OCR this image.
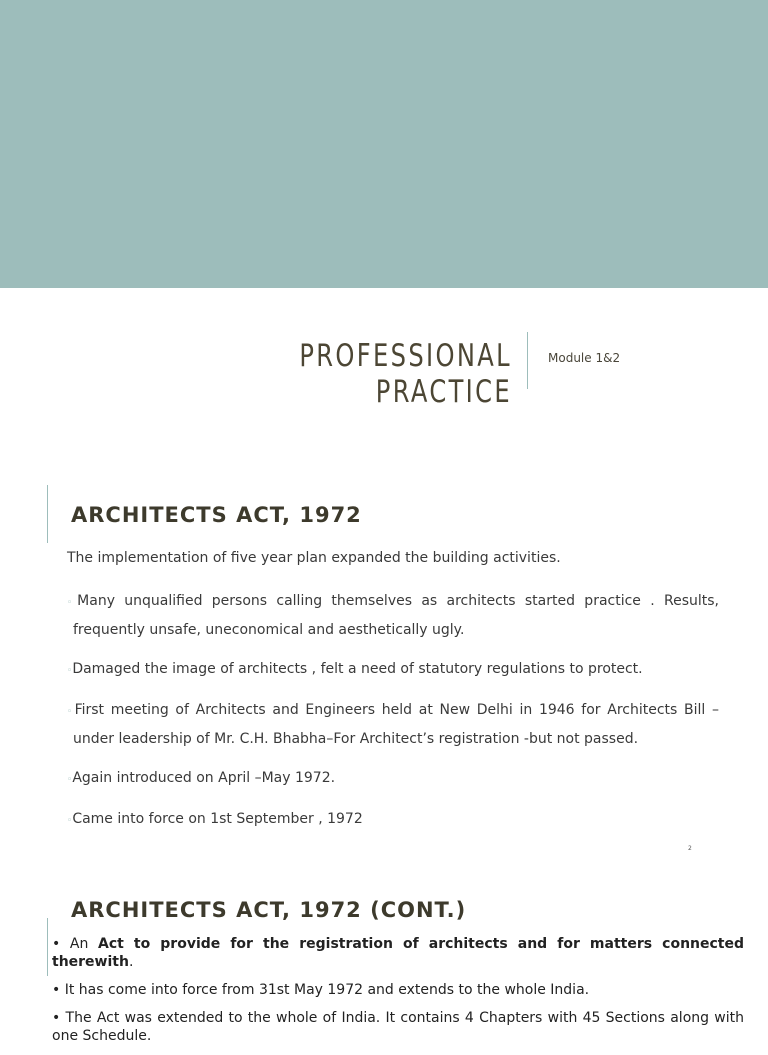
PROFESSIONAL PRACTICE
Module 1&2
ARCHITECTS ACT, 1972
The implementation of five year plan expanded the building activities.
◦Many unqualified persons calling themselves as architects started practice . Results, frequently unsafe, uneconomical and aesthetically ugly.
◦Damaged the image of architects , felt a need of statutory regulations to protect.
◦First meeting of Architects and Engineers held at New Delhi in 1946 for Architects Bill – under leadership of Mr. C.H. Bhabha–For Architect’s registration -but not passed.
◦Again introduced on April –May 1972.
◦Came into force on 1st September , 1972
2
ARCHITECTS ACT, 1972 (CONT.)
• An Act to provide for the registration of architects and for matters connected therewith.
• It has come into force from 31st May 1972 and extends to the whole India.
• The Act was extended to the whole of India. It contains 4 Chapters with 45 Sections along with one Schedule.
